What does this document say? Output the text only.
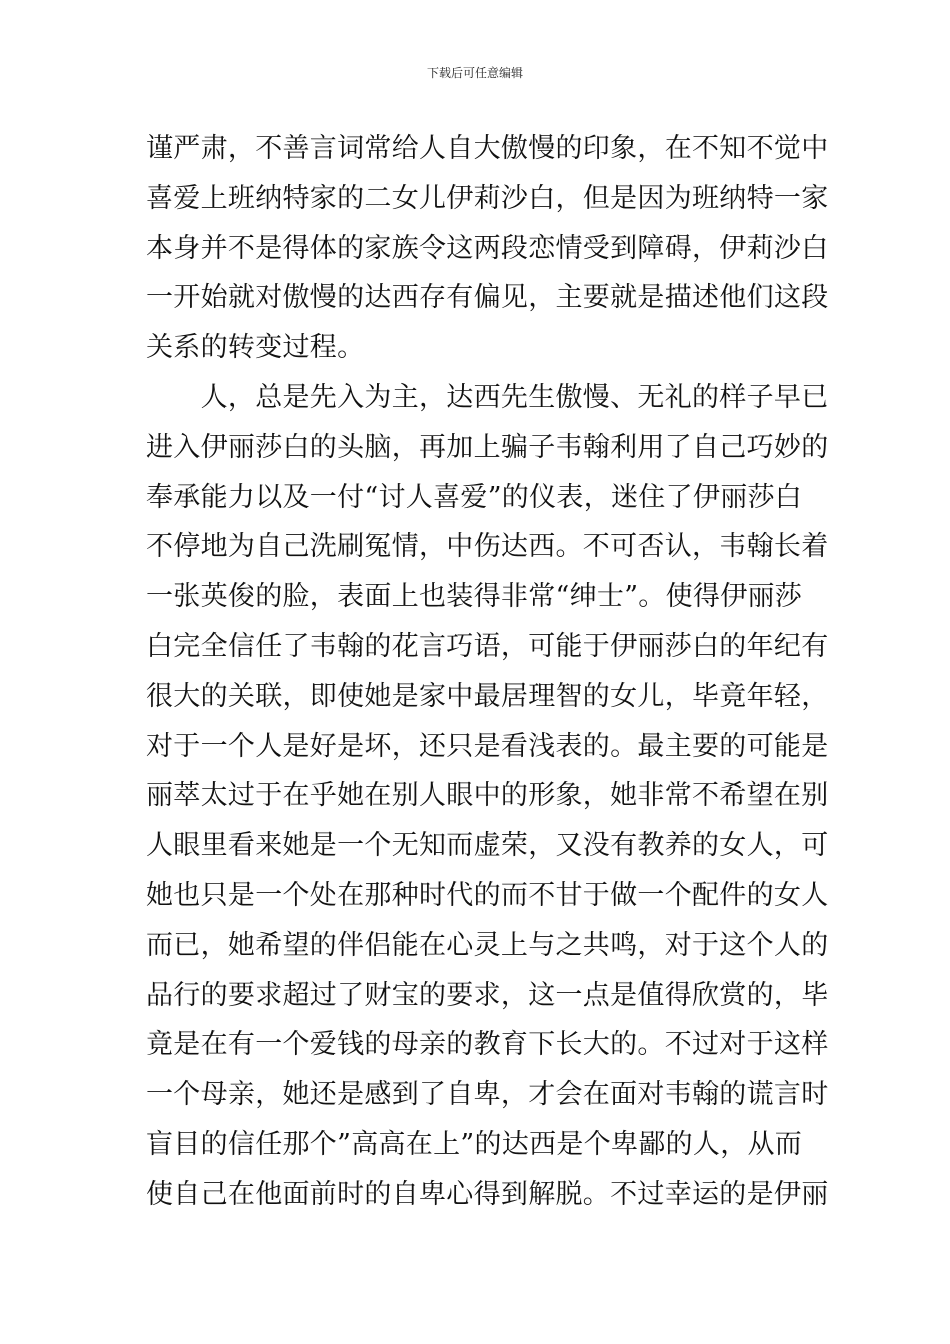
下载后可任意编辑
谨严肃，不善言词常给人自大傲慢的印象，在不知不觉中
喜爱上班纳特家的二女儿伊莉沙白，但是因为班纳特一家
本身并不是得体的家族令这两段恋情受到障碍，伊莉沙白
一开始就对傲慢的达西存有偏见，主要就是描述他们这段
关系的转变过程。
　　人，总是先入为主，达西先生傲慢、无礼的样子早已
进入伊丽莎白的头脑，再加上骗子韦翰利用了自己巧妙的
奉承能力以及一付“讨人喜爱”的仪表，迷住了伊丽莎白
不停地为自己洗刷冤情，中伤达西。不可否认，韦翰长着
一张英俊的脸，表面上也装得非常“绅士”。使得伊丽莎
白完全信任了韦翰的花言巧语，可能于伊丽莎白的年纪有
很大的关联，即使她是家中最居理智的女儿，毕竟年轻，
对于一个人是好是坏，还只是看浅表的。最主要的可能是
丽萃太过于在乎她在别人眼中的形象，她非常不希望在别
人眼里看来她是一个无知而虚荣，又没有教养的女人，可
她也只是一个处在那种时代的而不甘于做一个配件的女人
而已，她希望的伴侣能在心灵上与之共鸣，对于这个人的
品行的要求超过了财宝的要求，这一点是值得欣赏的，毕
竟是在有一个爱钱的母亲的教育下长大的。不过对于这样
一个母亲，她还是感到了自卑，才会在面对韦翰的谎言时
盲目的信任那个”高高在上”的达西是个卑鄙的人，从而
使自己在他面前时的自卑心得到解脱。不过幸运的是伊丽
